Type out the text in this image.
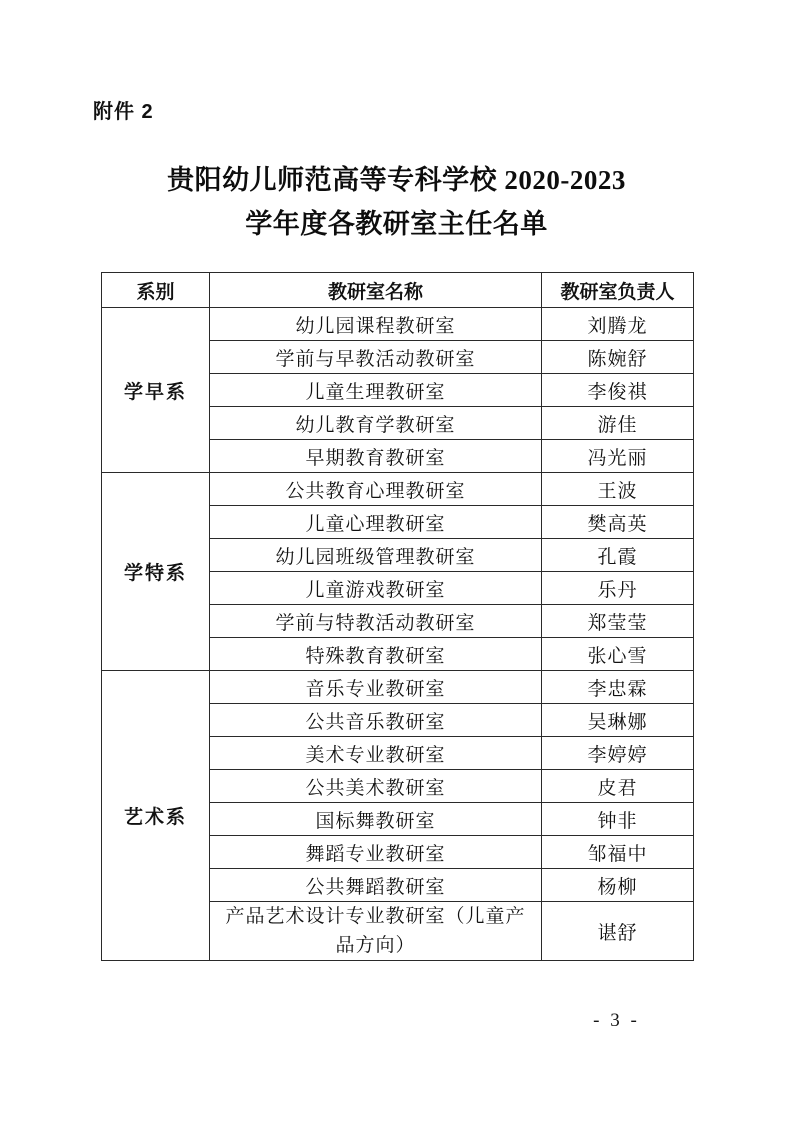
附件 2
贵阳幼儿师范高等专科学校 2020-2023
学年度各教研室主任名单
系别	教研室名称	教研室负责人
学早系	幼儿园课程教研室	刘腾龙
	学前与早教活动教研室	陈婉舒
	儿童生理教研室	李俊祺
	幼儿教育学教研室	游佳
	早期教育教研室	冯光丽
学特系	公共教育心理教研室	王波
	儿童心理教研室	樊高英
	幼儿园班级管理教研室	孔霞
	儿童游戏教研室	乐丹
	学前与特教活动教研室	郑莹莹
	特殊教育教研室	张心雪
艺术系	音乐专业教研室	李忠霖
	公共音乐教研室	吴琳娜
	美术专业教研室	李婷婷
	公共美术教研室	皮君
	国标舞教研室	钟非
	舞蹈专业教研室	邹福中
	公共舞蹈教研室	杨柳

	产品艺术设计专业教研室（儿童产
品方向）	谌舒
- 3 -
